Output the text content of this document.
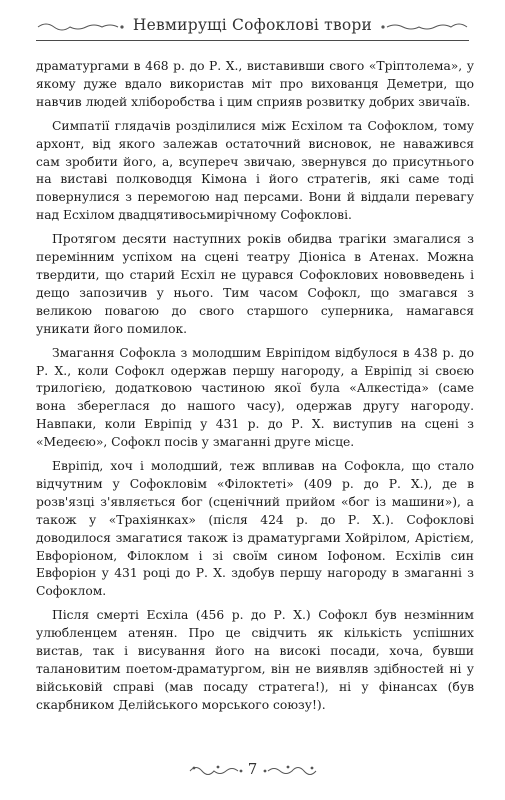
Невмирущі Софоклові твори

драматургами в 468 р. до Р. Х., виставивши свого «Тріптолема», у якому дуже вдало використав міт про вихованця Деметри, що навчив людей хліборобства і цим сприяв розвитку добрих звичаїв.

Симпатії глядачів розділилися між Есхілом та Софоклом, тому архонт, від якого залежав остаточний висновок, не наважився сам зробити його, а, всупереч звичаю, звернувся до присутнього на виставі полководця Кімона і його стратегів, які саме тоді повернулися з перемогою над персами. Вони й віддали перевагу над Есхілом двадцятивосьмирічному Софоклові.

Протягом десяти наступних років обидва трагіки змагалися з перемінним успіхом на сцені театру Діоніса в Атенах. Можна твердити, що старий Есхіл не цурався Софоклових нововведень і дещо запозичив у нього. Тим часом Софокл, що змагався з великою повагою до свого старшого суперника, намагався уникати його помилок.

Змагання Софокла з молодшим Евріпідом відбулося в 438 р. до Р. Х., коли Софокл одержав першу нагороду, а Евріпід зі своєю трилогією, додатковою частиною якої була «Алкестіда» (саме вона збереглася до нашого часу), одержав другу нагороду. Навпаки, коли Евріпід у 431 р. до Р. Х. виступив на сцені з «Медеєю», Софокл посів у змаганні друге місце.

Евріпід, хоч і молодший, теж впливав на Софокла, що стало відчутним у Софокловім «Філоктеті» (409 р. до Р. Х.), де в розв'язці з'являється бог (сценічний прийом «бог із машини»), а також у «Трахіянках» (після 424 р. до Р. Х.). Софоклові доводилося змагатися також із драматургами Хойрілом, Арістієм, Евфоріоном, Філоклом і зі своїм сином Іофоном. Есхілів син Евфоріон у 431 році до Р. Х. здобув першу нагороду в змаганні з Софоклом.

Після смерті Есхіла (456 р. до Р. Х.) Софокл був незмінним улюбленцем атенян. Про це свідчить як кількість успішних вистав, так і висування його на високі посади, хоча, бувши талановитим поетом-драматургом, він не виявляв здібностей ні у військовій справі (мав посаду стратега!), ні у фінансах (був скарбником Делійського морського союзу!).

7
